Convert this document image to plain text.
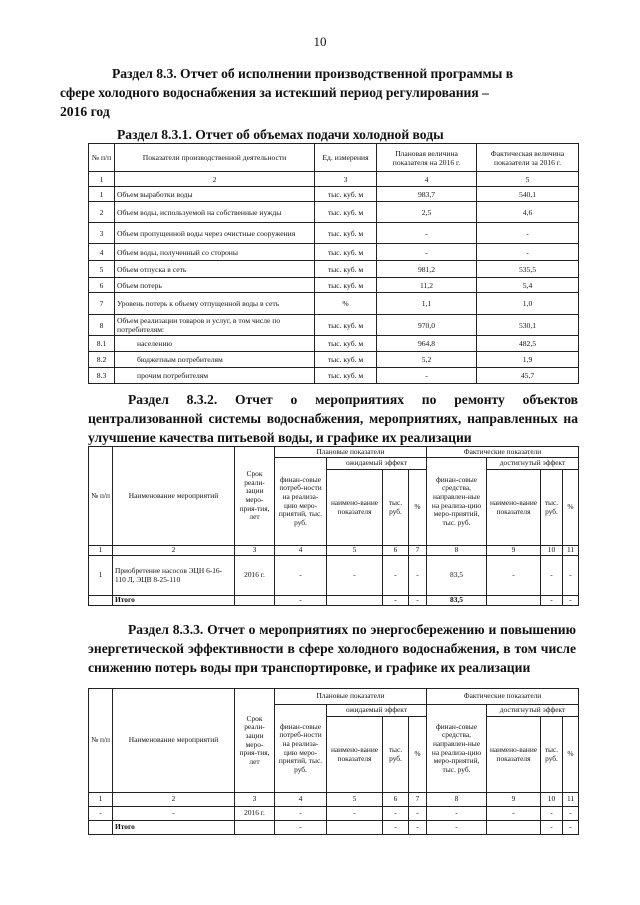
10
Раздел 8.3. Отчет об исполнении производственной программы в
сфере холодного водоснабжения за истекший период регулирования –
2016 год
Раздел 8.3.1. Отчет об объемах подачи холодной воды
№ п/п	Показатели производственной деятельности	Ед. измерения	Плановая величина показателя на 2016 г.	Фактическая величина показатели за 2016 г.
1	2	3	4	5
1	Объем выработки воды	тыс. куб. м	983,7	540,1
2	Объем воды, используемой на собственные нужды	тыс. куб. м	2,5	4,6
3	Объем пропущенной воды через очистные сооружения	тыс. куб. м	-	-
4	Объем воды, полученный со стороны	тыс. куб. м	-	-
5	Объем отпуска в сеть	тыс. куб. м	981,2	535,5
6	Объем потерь	тыс. куб. м	11,2	5,4
7	Уровень потерь к объему отпущенной воды в сеть	%	1,1	1,0
8	Объем реализации товаров и услуг, в том числе по потребителям:	тыс. куб. м	970,0	530,1
8.1	населению	тыс. куб. м	964,8	482,5
8.2	бюджетным потребителям	тыс. куб. м	5,2	1,9
8.3	прочим потребителям	тыс. куб. м	-	45,7
Раздел 8.3.2. Отчет о мероприятиях по ремонту объектов централизованной системы водоснабжения, мероприятиях, направленных на улучшение качества питьевой воды, и графике их реализации
№ п/п	Наименование мероприятий	Срок реали-зации меро-прия-тия, лет	Плановые показатели				Фактические показатели			
			финан-совые потреб-ности на реализа-цию меро-приятий, тыс. руб.	ожидаемый эффект			финан-совые средства, направлен-ные на реализа-цию меро-приятий, тыс. руб.	достигнутый эффект		
				наимено-вание показателя	тыс. руб.	%		наимено-вание показателя	тыс. руб.	%
1	2	3	4	5	6	7	8	9	10	11
1	Приобретение насосов ЭЦН 6-16-110 Л, ЭЦВ 8-25-110	2016 г.	-	-	-	-	83,5	-	-	-
	Итого		-		-	-	83,5		-	-
Раздел 8.3.3. Отчет о мероприятиях по энергосбережению и повышению энергетической эффективности в сфере холодного водоснабжения, в том числе снижению потерь воды при транспортировке, и графике их реализации
№ п/п	Наименование мероприятий	Срок реали-зации меро-прия-тия, лет	Плановые показатели				Фактические показатели			
			финан-совые потреб-ности на реализа-цию меро-приятий, тыс. руб.	ожидаемый эффект			финан-совые средства, направлен-ные на реализа-цию меро-приятий, тыс. руб.	достигнутый эффект		
				наимено-вание показателя	тыс. руб.	%		наимено-вание показателя	тыс. руб.	%
1	2	3	4	5	6	7	8	9	10	11
-	-	2016 г.	-	-	-	-	-	-	-	-
	Итого		-		-	-	-		-	-
